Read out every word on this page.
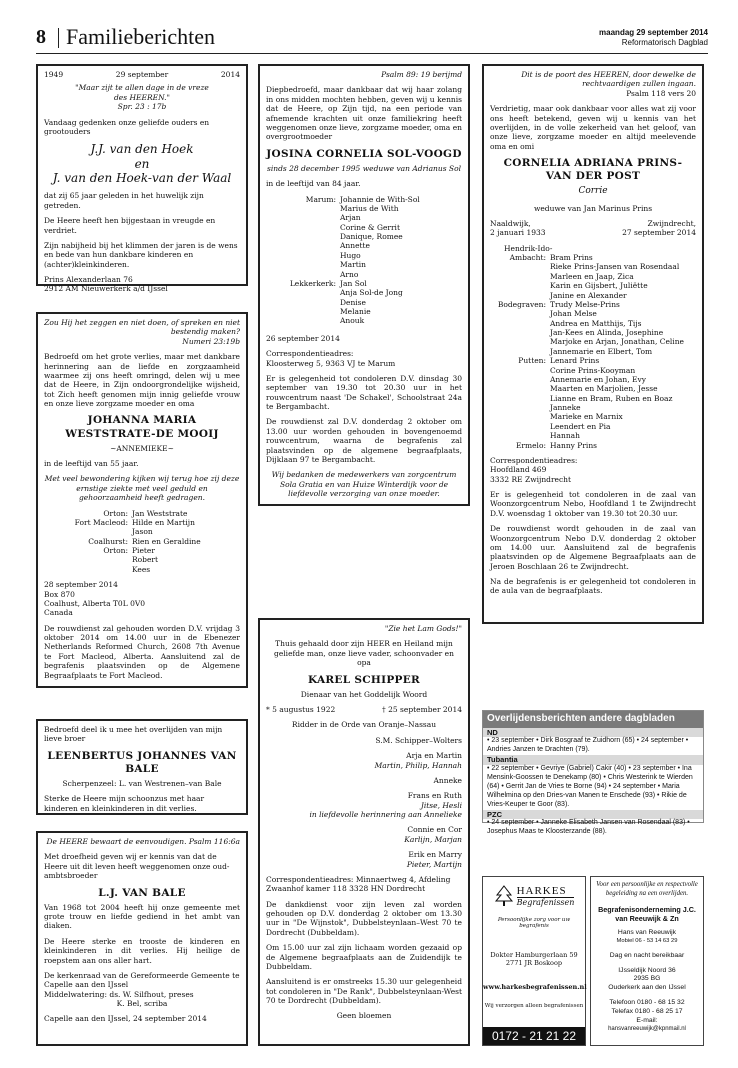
8 Familieberichten	maandag 29 september 2014
Reformatorisch Dagblad
1949	29 september	2014

"Maar zijt te allen dage in de vreze des HEEREN."

Spr. 23 : 17b

Vandaag gedenken onze geliefde ouders en grootouders

J.J. van den Hoek
en
J. van den Hoek-van der Waal

dat zij 65 jaar geleden in het huwelijk zijn getreden.

De Heere heeft hen bijgestaan in vreugde en verdriet.

Zijn nabijheid bij het klimmen der jaren is de wens en bede van hun dankbare kinderen en (achter)kleinkinderen.

Prins Alexanderlaan 76
2912 AM Nieuwerkerk a/d IJssel

Zou Hij het zeggen en niet doen, of spreken en niet bestendig maken?

Numeri 23:19b

Bedroefd om het grote verlies, maar met dankbare herinnering aan de liefde en zorgzaamheid waarmee zij ons heeft omringd, delen wij u mee dat de Heere, in Zijn ondoorgrondelijke wijsheid, tot Zich heeft genomen mijn innig geliefde vrouw en onze lieve zorgzame moeder en oma

JOHANNA MARIA WESTSTRATE-DE MOOIJ

~ANNEMIEKE~

in de leeftijd van 55 jaar.

Met veel bewondering kijken wij terug hoe zij deze ernstige ziekte met veel geduld en gehoorzaamheid heeft gedragen.

Orton: Jan Weststrate
Fort Macleod: Hilde en Martijn
Jason
Coalhurst: Rien en Geraldine
Orton: Pieter
Robert
Kees
28 september 2014
Box 870
Coalhust, Alberta T0L 0V0
Canada

De rouwdienst zal gehouden worden D.V. vrijdag 3 oktober 2014 om 14.00 uur in de Ebenezer Netherlands Reformed Church, 2608 7th Avenue te Fort Macleod, Alberta. Aansluitend zal de begrafenis plaatsvinden op de Algemene Begraafplaats te Fort Macleod.

Bedroefd deel ik u mee het overlijden van mijn lieve broer

LEENBERTUS JOHANNES VAN BALE

Scherpenzeel: L. van Westrenen–van Bale

Sterke de Heere mijn schoonzus met haar kinderen en kleinkinderen in dit verlies.

De HEERE bewaart de eenvoudigen. Psalm 116:6a

Met droefheid geven wij er kennis van dat de Heere uit dit leven heeft weggenomen onze oud-ambtsbroeder

L.J. VAN BALE

Van 1968 tot 2004 heeft hij onze gemeente met grote trouw en liefde gediend in het ambt van diaken.

De Heere sterke en trooste de kinderen en kleinkinderen in dit verlies. Hij heilige de roepstem aan ons aller hart.

De kerkenraad van de Gereformeerde Gemeente te Capelle aan den IJssel
Middelwatering: ds. W. Silfhout, preses
K. Bel, scriba
Capelle aan den IJssel, 24 september 2014

Psalm 89: 19 berijmd

Diepbedroefd, maar dankbaar dat wij haar zolang in ons midden mochten hebben, geven wij u kennis dat de Heere, op Zijn tijd, na een periode van afnemende krachten uit onze familiekring heeft weggenomen onze lieve, zorgzame moeder, oma en overgrootmoeder

JOSINA CORNELIA SOL-VOOGD

sinds 28 december 1995 weduwe van Adrianus Sol

in de leeftijd van 84 jaar.

Marum: Johannie de With-Sol
Marius de With
Arjan
Corine & Gerrit
Danique, Romee
Annette
Hugo
Martin
Arno
Lekkerkerk: Jan Sol
Anja Sol-de Jong
Denise
Melanie
Anouk

26 september 2014

Correspondentieadres:

Kloosterweg 5, 9363 VJ te Marum

Er is gelegenheid tot condoleren D.V. dinsdag 30 september van 19.30 tot 20.30 uur in het rouwcentrum naast 'De Schakel', Schoolstraat 24a te Bergambacht.

De rouwdienst zal D.V. donderdag 2 oktober om 13.00 uur worden gehouden in bovengenoemd rouwcentrum, waarna de begrafenis zal plaatsvinden op de algemene begraafplaats, Dijklaan 97 te Bergambacht.

Wij bedanken de medewerkers van zorgcentrum Sola Gratia en van Huize Winterdijk voor de liefdevolle verzorging van onze moeder.

"Zie het Lam Gods!"

Thuis gehaald door zijn HEER en Heiland mijn geliefde man, onze lieve vader, schoonvader en opa

KAREL SCHIPPER

Dienaar van het Goddelijk Woord

* 5 augustus 1922	† 25 september 2014

Ridder in de Orde van Oranje–Nassau

S.M. Schipper–Wolters
Arja en Martin
Martin, Philip, Hannah
Anneke
Frans en Ruth
Jitse, Hesli
in liefdevolle herinnering aan Annelieke
Connie en Cor
Karlijn, Marjan
Erik en Marry
Pieter, Martijn

Correspondentieadres: Minnaertweg 4, Afdeling Zwaanhof kamer 118 3328 HN Dordrecht

De dankdienst voor zijn leven zal worden gehouden op D.V. donderdag 2 oktober om 13.30 uur in "De Wijnstok", Dubbelsteynlaan–West 70 te Dordrecht (Dubbeldam).

Om 15.00 uur zal zijn lichaam worden gezaaid op de Algemene begraafplaats aan de Zuidendijk te Dubbeldam.

Aansluitend is er omstreeks 15.30 uur gelegenheid tot condoleren in "De Rank", Dubbelsteynlaan-West 70 te Dordrecht (Dubbeldam).

Geen bloemen

Dit is de poort des HEEREN, door dewelke de rechtvaardigen zullen ingaan.

Psalm 118 vers 20

Verdrietig, maar ook dankbaar voor alles wat zij voor ons heeft betekend, geven wij u kennis van het overlijden, in de volle zekerheid van het geloof, van onze lieve, zorgzame moeder en altijd meelevende oma en omi

CORNELIA ADRIANA PRINS-
VAN DER POST

Corrie

weduwe van Jan Marinus Prins

Naaldwijk,	Zwijndrecht,
2 januari 1933	27 september 2014
Hendrik-Ido-
Ambacht: Bram Prins
Rieke Prins-Jansen van Rosendaal
Marleen en Jaap, Zica
Karin en Gijsbert, Juliëtte
Janine en Alexander
Bodegraven: Trudy Melse-Prins
Johan Melse
Andrea en Matthijs, Tijs
Jan-Kees en Alinda, Josephine
Marjoke en Arjan, Jonathan, Celine
Jannemarie en Elbert, Tom
Putten: Lenard Prins
Corine Prins-Kooyman
Annemarie en Johan, Evy
Maarten en Marjolien, Jesse
Lianne en Bram, Ruben en Boaz
Janneke
Marieke en Marnix
Leendert en Pia
Hannah
Ermelo: Hanny Prins
Correspondentieadres:
Hoofdland 469

3332 RE Zwijndrecht

Er is gelegenheid tot condoleren in de zaal van Woonzorgcentrum Nebo, Hoofdland 1 te Zwijndrecht D.V. woensdag 1 oktober van 19.30 tot 20.30 uur.

De rouwdienst wordt gehouden in de zaal van Woonzorgcentrum Nebo D.V. donderdag 2 oktober om 14.00 uur. Aansluitend zal de begrafenis plaatsvinden op de Algemene Begraafplaats aan de Jeroen Boschlaan 26 te Zwijndrecht.

Na de begrafenis is er gelegenheid tot condoleren in de aula van de begraafplaats.

Overlijdensberichten andere dagbladen
ND
• 23 september • Dirk Bosgraaf te Zuidhorn (65) • 24 september • Andries Janzen te Drachten (79).
Tubantia
• 22 september • Gevriye (Gabriel) Cakir (40) • 23 september • Ina Mensink-Goossen te Denekamp (80) • Chris Westerink te Wierden (64) • Gerrit Jan de Vries te Borne (94) • 24 september • Maria Wilhelmina op den Dries-van Manen te Enschede (93) • Rikie de Vries-Keuper te Goor (83).
PZC
• 24 september • Janneke Elisabeth Jansen van Rosendaal (83) • Josephus Maas te Kloosterzande (88).
HARKES
Begrafenissen
Persoonlijke zorg voor uw begrafenis
Dokter Hamburgerlaan 59
2771 JR Boskoop
www.harkesbegrafenissen.nl
Wij verzorgen alleen begrafenissen
0172 - 21 21 22
Voor een persoonlijke en respectvolle begeleiding na een overlijden.
Begrafenisonderneming J.C. van Reeuwijk & Zn
Hans van Reeuwijk
Mobiel 06 - 53 14 63 29
Dag en nacht bereikbaar
IJsseldijk Noord 36
2935 BG
Ouderkerk aan den IJssel
Telefoon 0180 - 68 15 32
Telefax 0180 - 68 25 17
E-mail:
hansvanreeuwijk@kpnmail.nl
